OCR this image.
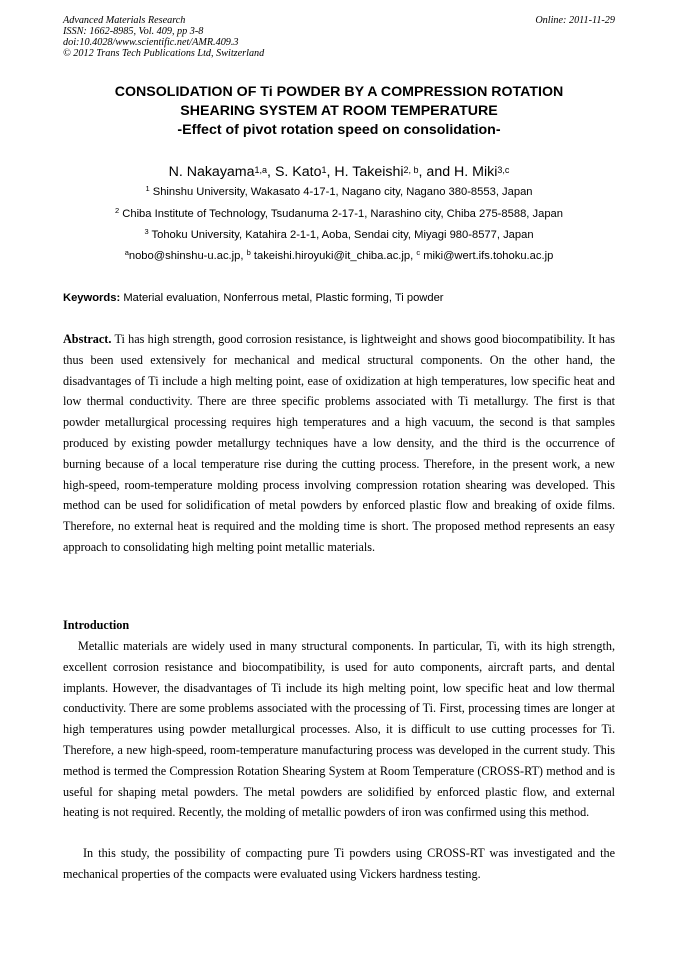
Advanced Materials Research
ISSN: 1662-8985, Vol. 409, pp 3-8
doi:10.4028/www.scientific.net/AMR.409.3
© 2012 Trans Tech Publications Ltd, Switzerland
Online: 2011-11-29
CONSOLIDATION OF Ti POWDER BY A COMPRESSION ROTATION
SHEARING SYSTEM AT ROOM TEMPERATURE
-Effect of pivot rotation speed on consolidation-
N. Nakayama$^{1,a}$, S. Kato$^1$, H. Takeishi$^{2, b}$, and H. Miki$^{3,c}$
$^1$ Shinshu University, Wakasato 4-17-1, Nagano city, Nagano 380-8553, Japan
$^2$ Chiba Institute of Technology, Tsudanuma 2-17-1, Narashino city, Chiba 275-8588, Japan
$^3$ Tohoku University, Katahira 2-1-1, Aoba, Sendai city, Miyagi 980-8577, Japan
$^a$nobo@shinshu-u.ac.jp, $^b$ takeishi.hiroyuki@it_chiba.ac.jp, $^c$ miki@wert.ifs.tohoku.ac.jp
Keywords: Material evaluation, Nonferrous metal, Plastic forming, Ti powder

Abstract. Ti has high strength, good corrosion resistance, is lightweight and shows good biocompatibility. It has thus been used extensively for mechanical and medical structural components. On the other hand, the disadvantages of Ti include a high melting point, ease of oxidization at high temperatures, low specific heat and low thermal conductivity. There are three specific problems associated with Ti metallurgy. The first is that powder metallurgical processing requires high temperatures and a high vacuum, the second is that samples produced by existing powder metallurgy techniques have a low density, and the third is the occurrence of burning because of a local temperature rise during the cutting process. Therefore, in the present work, a new high-speed, room-temperature molding process involving compression rotation shearing was developed. This method can be used for solidification of metal powders by enforced plastic flow and breaking of oxide films. Therefore, no external heat is required and the molding time is short. The proposed method represents an easy approach to consolidating high melting point metallic materials.

Introduction

Metallic materials are widely used in many structural components. In particular, Ti, with its high strength, excellent corrosion resistance and biocompatibility, is used for auto components, aircraft parts, and dental implants. However, the disadvantages of Ti include its high melting point, low specific heat and low thermal conductivity. There are some problems associated with the processing of Ti. First, processing times are longer at high temperatures using powder metallurgical processes. Also, it is difficult to use cutting processes for Ti. Therefore, a new high-speed, room-temperature manufacturing process was developed in the current study. This method is termed the Compression Rotation Shearing System at Room Temperature (CROSS-RT) method and is useful for shaping metal powders. The metal powders are solidified by enforced plastic flow, and external heating is not required. Recently, the molding of metallic powders of iron was confirmed using this method.

In this study, the possibility of compacting pure Ti powders using CROSS-RT was investigated and the mechanical properties of the compacts were evaluated using Vickers hardness testing.
